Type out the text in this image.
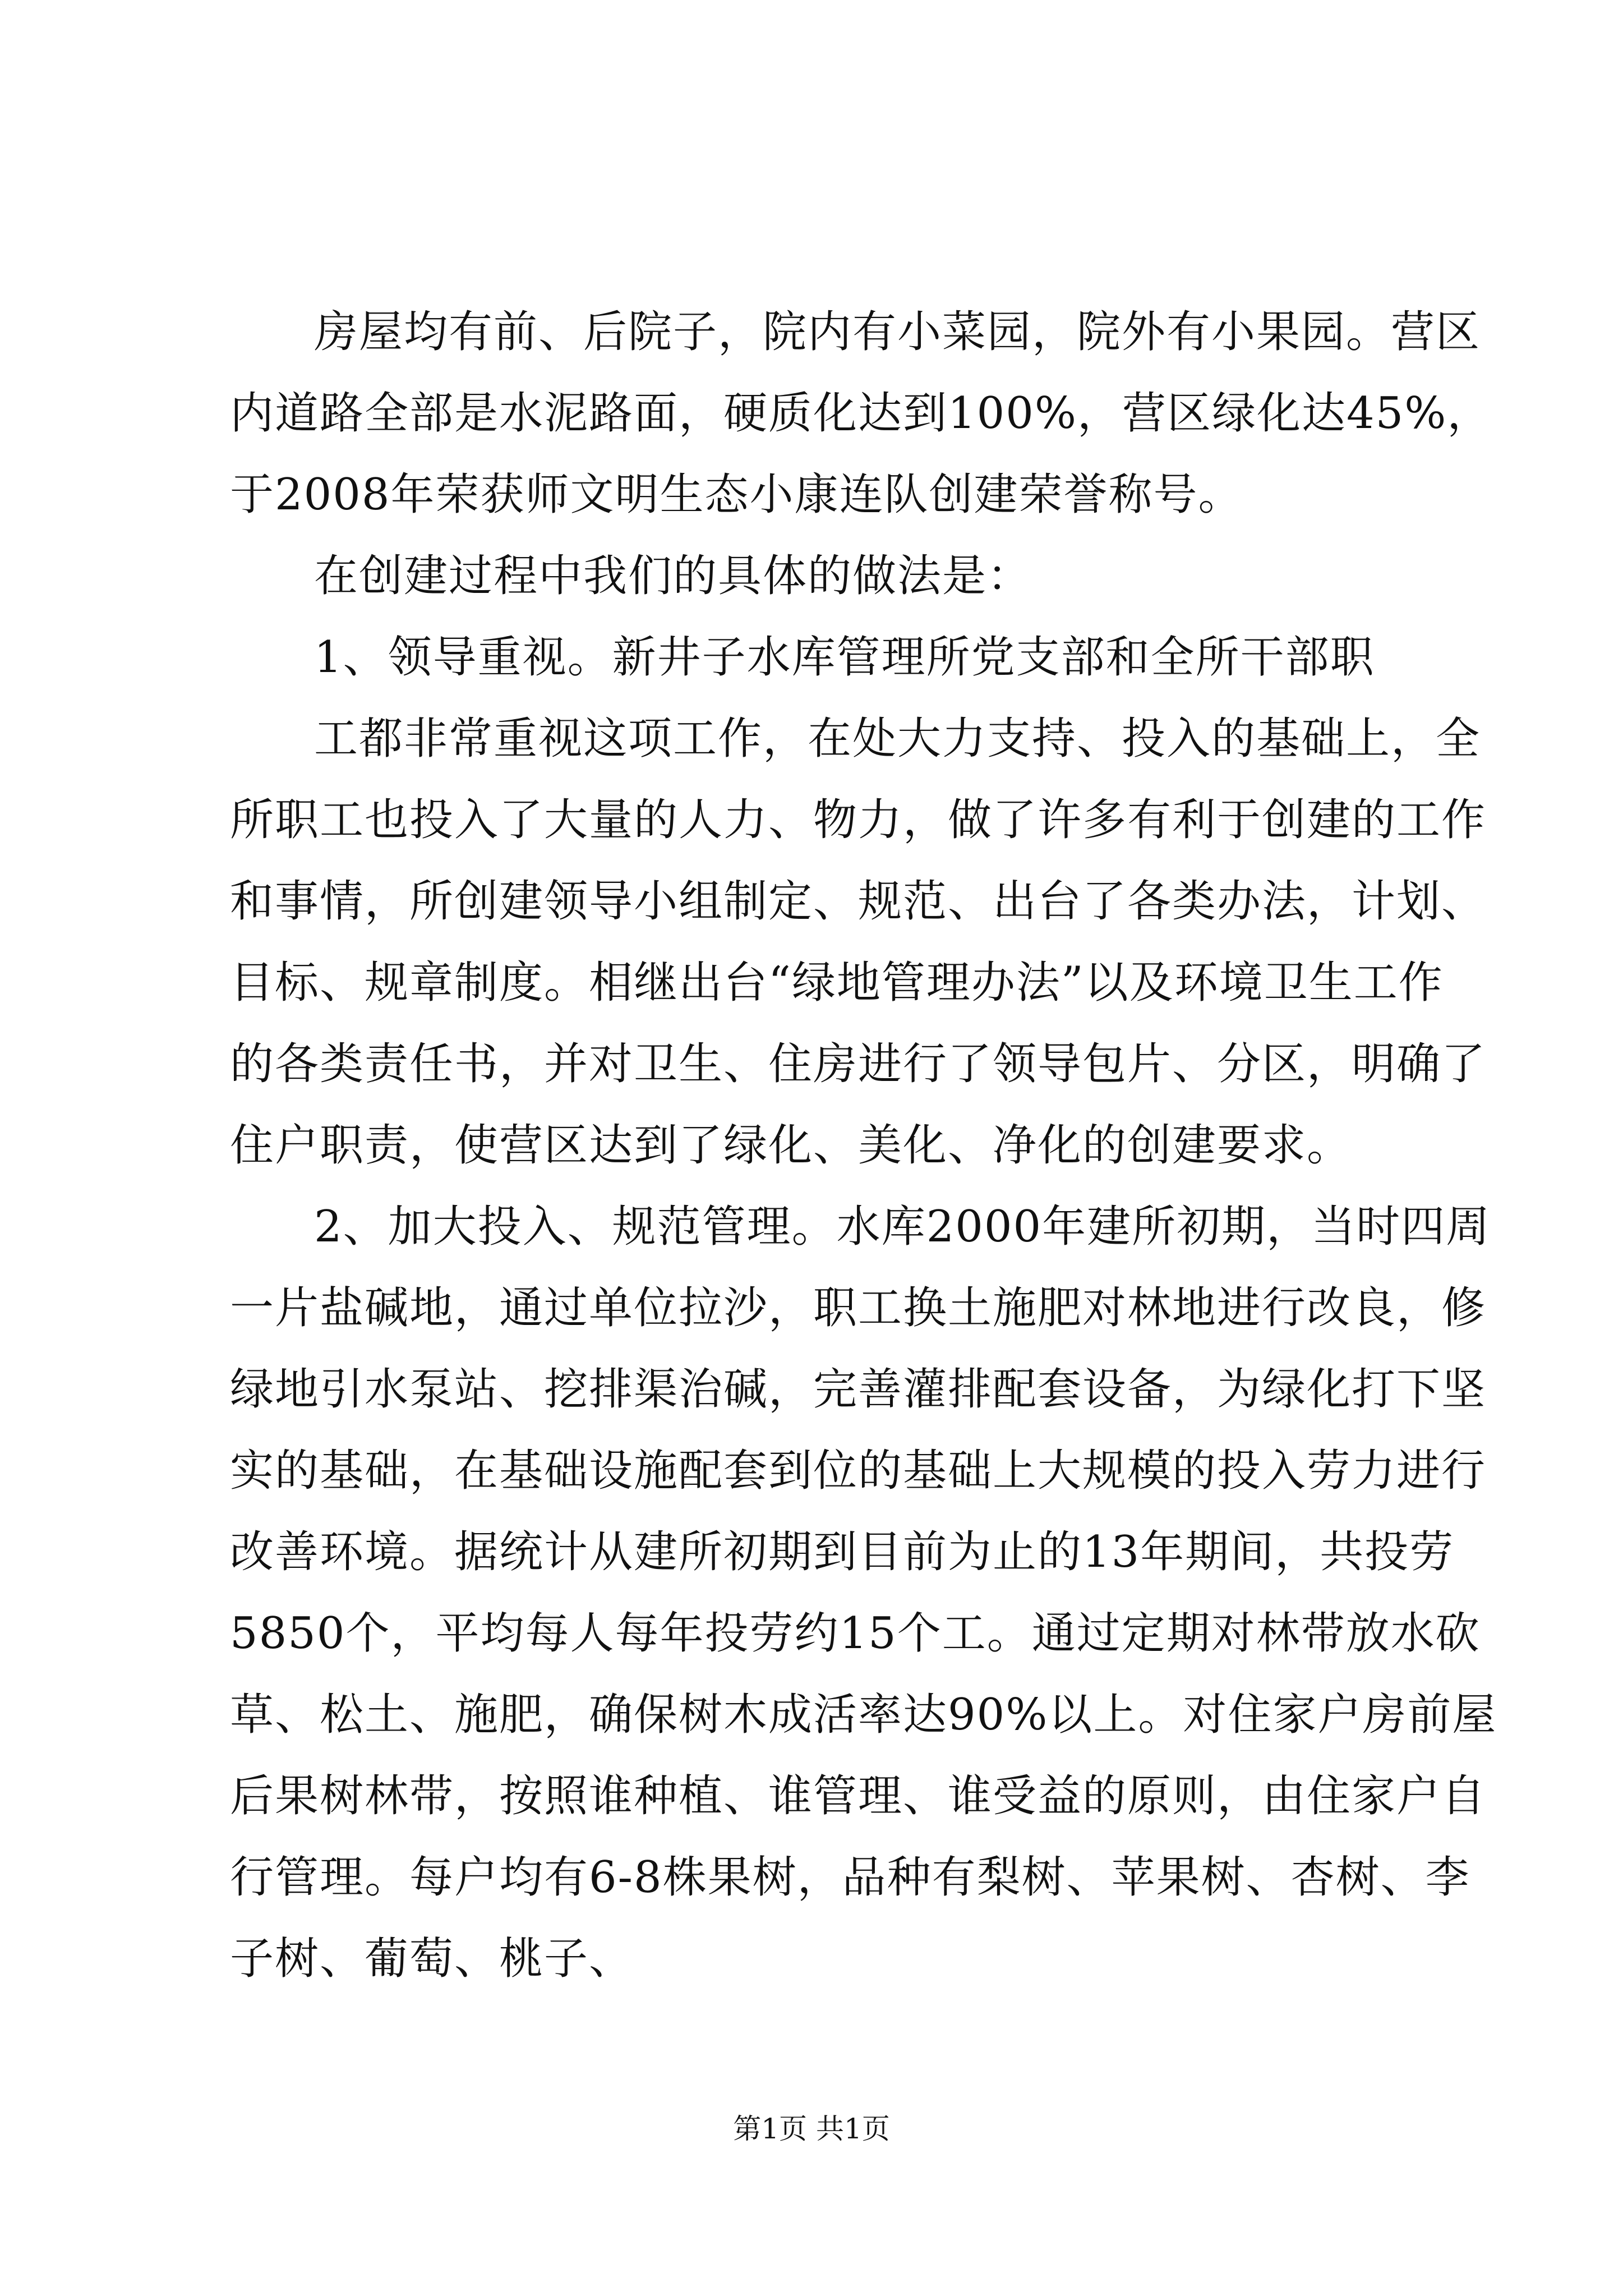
房屋均有前、后院子，院内有小菜园，院外有小果园。营区
内道路全部是水泥路面，硬质化达到100%，营区绿化达45%，
于2008年荣获师文明生态小康连队创建荣誉称号。
在创建过程中我们的具体的做法是：
1、领导重视。新井子水库管理所党支部和全所干部职
工都非常重视这项工作，在处大力支持、投入的基础上，全
所职工也投入了大量的人力、物力，做了许多有利于创建的工作
和事情，所创建领导小组制定、规范、出台了各类办法，计划、
目标、规章制度。相继出台“绿地管理办法”以及环境卫生工作
的各类责任书，并对卫生、住房进行了领导包片、分区，明确了
住户职责，使营区达到了绿化、美化、净化的创建要求。
2、加大投入、规范管理。水库2000年建所初期，当时四周
一片盐碱地，通过单位拉沙，职工换土施肥对林地进行改良，修
绿地引水泵站、挖排渠治碱，完善灌排配套设备，为绿化打下坚
实的基础，在基础设施配套到位的基础上大规模的投入劳力进行
改善环境。据统计从建所初期到目前为止的13年期间，共投劳
5850个，平均每人每年投劳约15个工。通过定期对林带放水砍
草、松土、施肥，确保树木成活率达90%以上。对住家户房前屋
后果树林带，按照谁种植、谁管理、谁受益的原则，由住家户自
行管理。每户均有6-8株果树，品种有梨树、苹果树、杏树、李
子树、葡萄、桃子、
第1页 共1页
